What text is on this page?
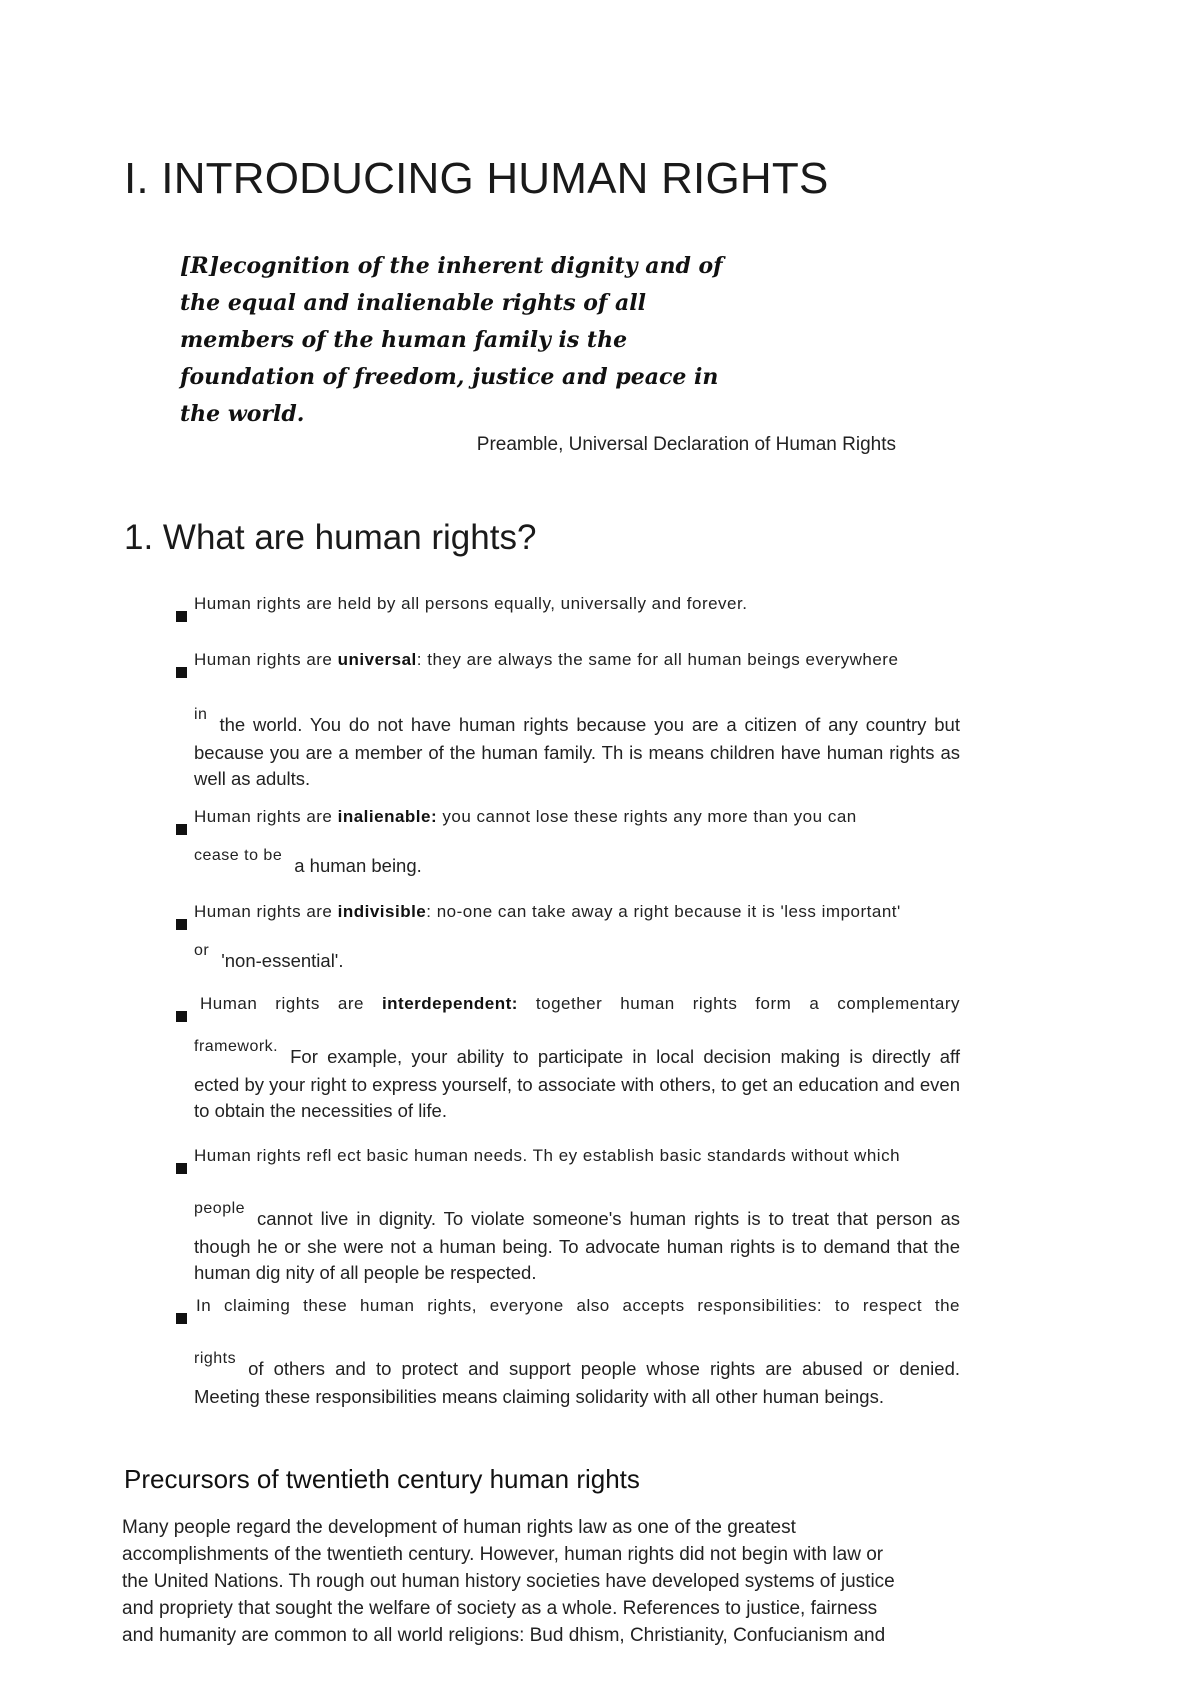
I. INTRODUCING HUMAN RIGHTS
[R]ecognition of the inherent dignity and of
the equal and inalienable rights of all
members of the human family is the
foundation of freedom, justice and peace in
the world.
Preamble, Universal Declaration of Human Rights
1. What are human rights?
Human rights are held by all persons equally, universally and forever.
Human rights are universal: they are always the same for all human beings everywhere
in the world. You do not have human rights because you are a citizen of any country but because you are a member of the human family. Th is means children have human rights as well as adults.
Human rights are inalienable: you cannot lose these rights any more than you can
cease to be a human being.
Human rights are indivisible: no-one can take away a right because it is 'less important'
or 'non-essential'.
Human rights are interdependent: together human rights form a complementary
framework. For example, your ability to participate in local decision making is directly aff ected by your right to express yourself, to associate with others, to get an education and even to obtain the necessities of life.
Human rights refl ect basic human needs. Th ey establish basic standards without which
people cannot live in dignity. To violate someone's human rights is to treat that person as though he or she were not a human being. To advocate human rights is to demand that the human dig nity of all people be respected.
In claiming these human rights, everyone also accepts responsibilities: to respect the
rights of others and to protect and support people whose rights are abused or denied. Meeting these responsibilities means claiming solidarity with all other human beings.
Precursors of twentieth century human rights

Many people regard the development of human rights law as one of the greatest
accomplishments of the twentieth century. However, human rights did not begin with law or
the United Nations. Th rough out human history societies have developed systems of justice
and propriety that sought the welfare of society as a whole. References to justice, fairness
and humanity are common to all world religions: Bud dhism, Christianity, Confucianism and
